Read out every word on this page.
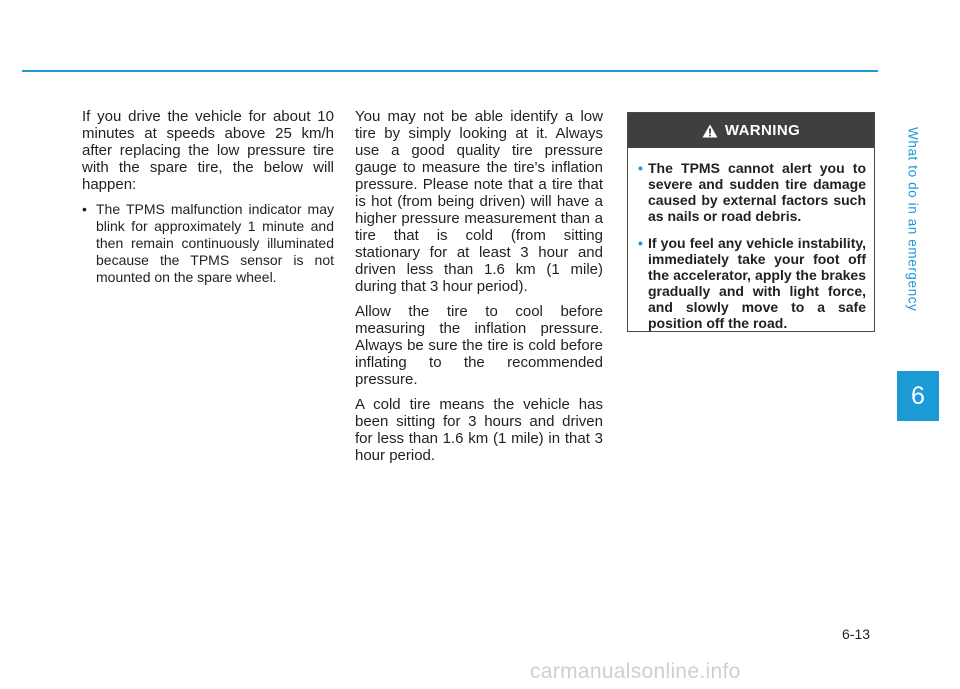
What to do in an emergency
6

If you drive the vehicle for about 10 minutes at speeds above 25 km/h after replacing the low pressure tire with the spare tire, the below will happen:

• The TPMS malfunction indicator may blink for approximately 1 minute and then remain continuously illuminated because the TPMS sensor is not mounted on the spare wheel.

You may not be able identify a low tire by simply looking at it. Always use a good quality tire pressure gauge to measure the tire's inflation pressure. Please note that a tire that is hot (from being driven) will have a higher pressure measurement than a tire that is cold (from sitting stationary for at least 3 hour and driven less than 1.6 km (1 mile) during that 3 hour period).

Allow the tire to cool before measuring the inflation pressure. Always be sure the tire is cold before inflating to the recommended pressure.

A cold tire means the vehicle has been sitting for 3 hours and driven for less than 1.6 km (1 mile) in that 3 hour period.

WARNING
• The TPMS cannot alert you to severe and sudden tire damage caused by external factors such as nails or road debris.
• If you feel any vehicle instability, immediately take your foot off the accelerator, apply the brakes gradually and with light force, and slowly move to a safe position off the road.
6-13
carmanualsonline.info
